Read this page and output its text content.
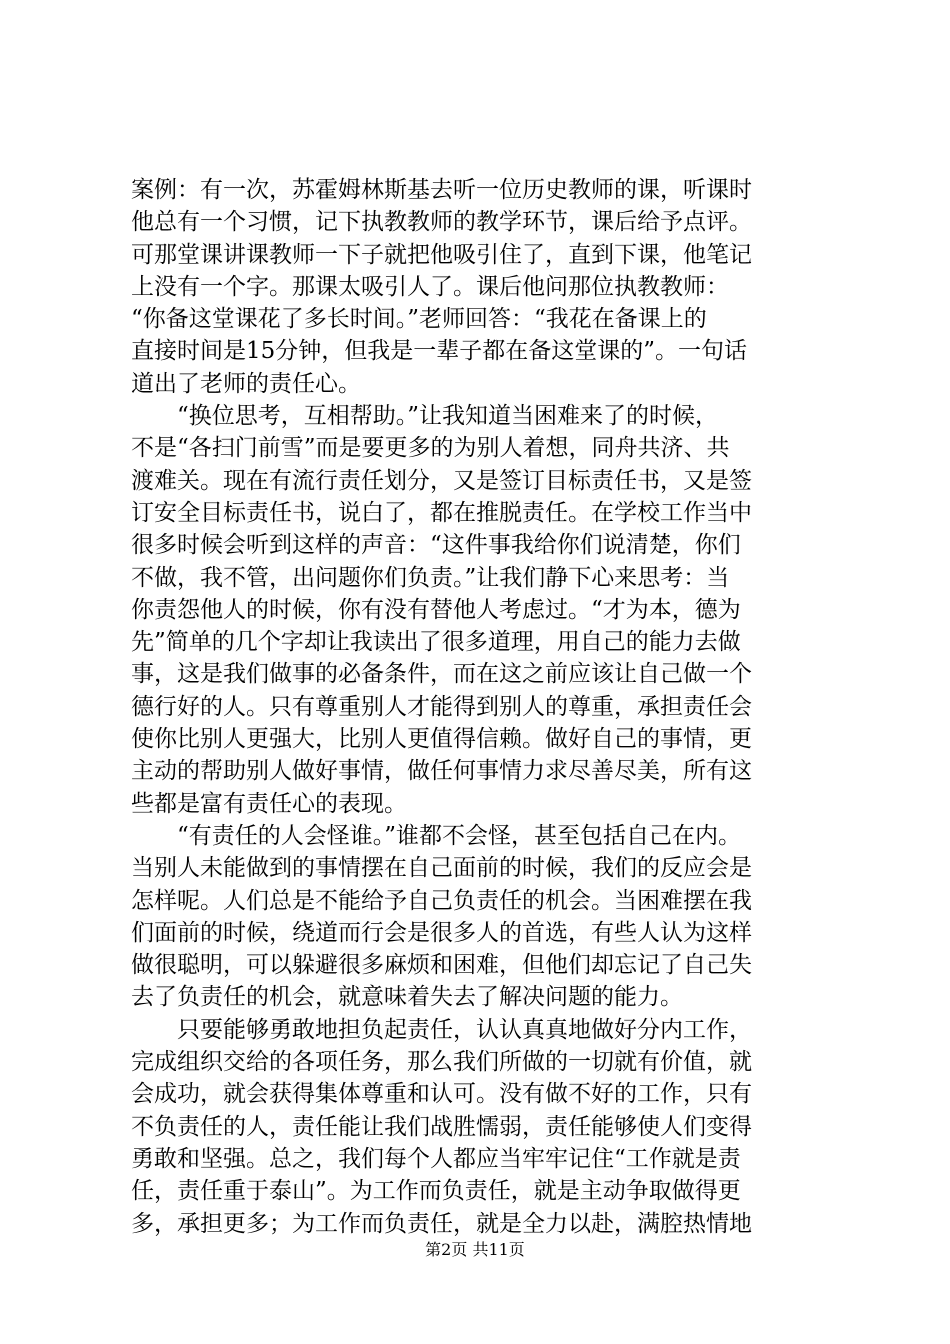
案例：有一次，苏霍姆林斯基去听一位历史教师的课，听课时
他总有一个习惯，记下执教教师的教学环节，课后给予点评。
可那堂课讲课教师一下子就把他吸引住了，直到下课，他笔记
上没有一个字。那课太吸引人了。课后他问那位执教教师：
“你备这堂课花了多长时间。”老师回答：“我花在备课上的
直接时间是15分钟，但我是一辈子都在备这堂课的”。一句话
道出了老师的责任心。
“换位思考，互相帮助。”让我知道当困难来了的时候，
不是“各扫门前雪”而是要更多的为别人着想，同舟共济、共
渡难关。现在有流行责任划分，又是签订目标责任书，又是签
订安全目标责任书，说白了，都在推脱责任。在学校工作当中
很多时候会听到这样的声音：“这件事我给你们说清楚，你们
不做，我不管，出问题你们负责。”让我们静下心来思考：当
你责怨他人的时候，你有没有替他人考虑过。“才为本，德为
先”简单的几个字却让我读出了很多道理，用自己的能力去做
事，这是我们做事的必备条件，而在这之前应该让自己做一个
德行好的人。只有尊重别人才能得到别人的尊重，承担责任会
使你比别人更强大，比别人更值得信赖。做好自己的事情，更
主动的帮助别人做好事情，做任何事情力求尽善尽美，所有这
些都是富有责任心的表现。
“有责任的人会怪谁。”谁都不会怪，甚至包括自己在内。
当别人未能做到的事情摆在自己面前的时候，我们的反应会是
怎样呢。人们总是不能给予自己负责任的机会。当困难摆在我
们面前的时候，绕道而行会是很多人的首选，有些人认为这样
做很聪明，可以躲避很多麻烦和困难，但他们却忘记了自己失
去了负责任的机会，就意味着失去了解决问题的能力。
只要能够勇敢地担负起责任，认认真真地做好分内工作，
完成组织交给的各项任务，那么我们所做的一切就有价值，就
会成功，就会获得集体尊重和认可。没有做不好的工作，只有
不负责任的人，责任能让我们战胜懦弱，责任能够使人们变得
勇敢和坚强。总之，我们每个人都应当牢牢记住“工作就是责
任，责任重于泰山”。为工作而负责任，就是主动争取做得更
多，承担更多；为工作而负责任，就是全力以赴，满腔热情地
第2页 共11页
